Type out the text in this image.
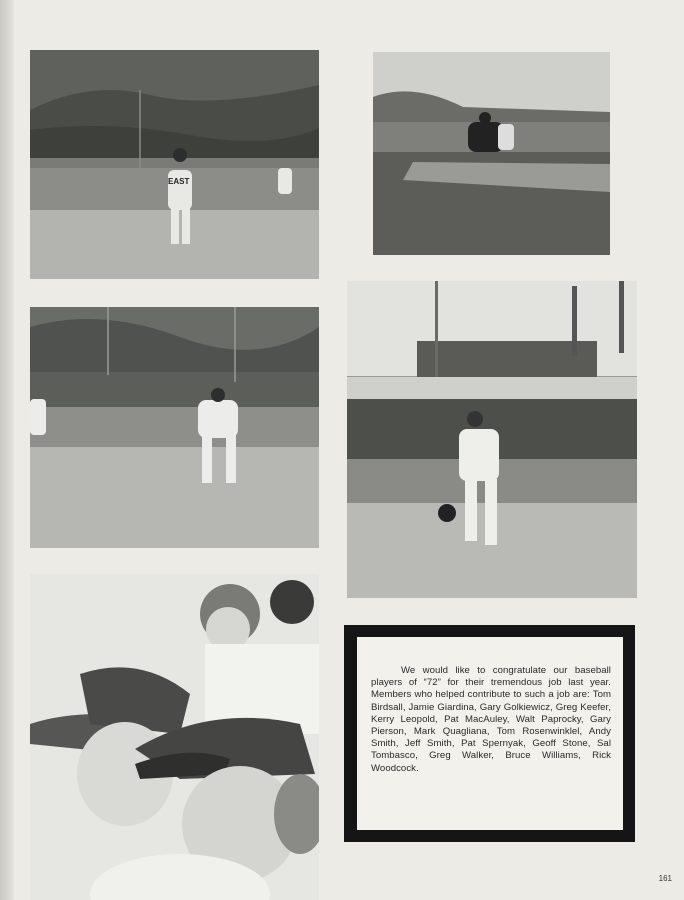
EAST

We would like to congratulate our baseball players of “72” for their tremendous job last year. Members who helped contribute to such a job are: Tom Birdsall, Jamie Giardina, Gary Golkiewicz, Greg Keefer, Kerry Leopold, Pat MacAuley, Walt Paprocky, Gary Pierson, Mark Quagliana, Tom Rosenwinklel, Andy Smith, Jeff Smith, Pat Spernyak, Geoff Stone, Sal Tombasco, Greg Walker, Bruce Williams, Rick Woodcock.

161
